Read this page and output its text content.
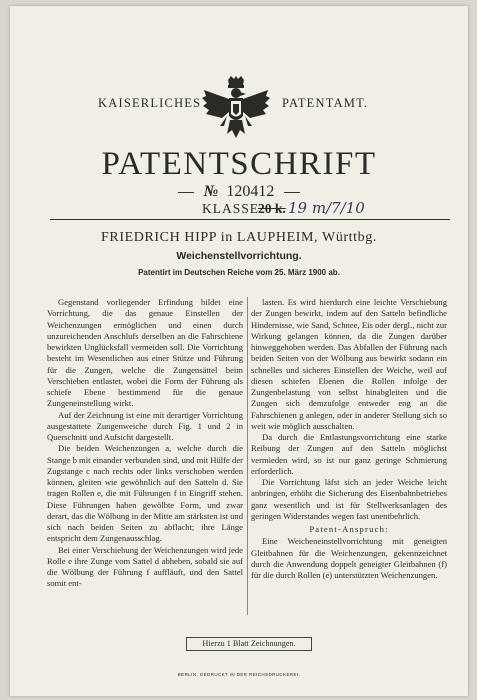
KAISERLICHES	PATENTAMT.
PATENTSCHRIFT
№ 120412
KLASSE
20 k. 19 m/7/10
FRIEDRICH HIPP in LAUPHEIM, Württbg.
Weichenstellvorrichtung.
Patentirt im Deutschen Reiche vom 25. März 1900 ab.

Gegenstand vorliegender Erfindung bildet eine Vorrichtung, die das genaue Einstellen der Weichenzungen ermöglichen und einen durch unzureichenden Anschlufs derselben an die Fahrschiene bewirkten Unglücksfall vermeiden soll. Die Vorrichtung besteht im Wesentlichen aus einer Stütze und Führung für die Zungen, welche die Zungensättel beim Verschieben entlastet, wobei die Form der Führung als schiefe Ebene bestimmend für die genaue Zungeneinstellung wirkt.

Auf der Zeichnung ist eine mit derartiger Vorrichtung ausgestattete Zungenweiche durch Fig. 1 und 2 in Querschnitt und Aufsicht dargestellt.

Die beiden Weichenzungen a, welche durch die Stange b mit einander verbunden sind, und mit Hülfe der Zugstange c nach rechts oder links verschoben werden können, gleiten wie gewöhnlich auf den Satteln d. Sie tragen Rollen e, die mit Führungen f in Eingriff stehen. Diese Führungen haben gewölbte Form, und zwar derart, das die Wölbung in der Mitte am stärksten ist und sich nach beiden Seiten zu abflacht; ihre Länge entspricht dem Zungenausschlag.

Bei einer Verschiebung der Weichenzungen wird jede Rolle e ihre Zunge vom Sattel d abheben, sobald sie auf die Wölbung der Führung f auffläuft, und den Sattel somit ent-

lasten. Es wird hierdurch eine leichte Verschiebung der Zungen bewirkt, indem auf den Satteln befindliche Hindernisse, wie Sand, Schnee, Eis oder dergl., nicht zur Wirkung gelangen können, da die Zungen darüber hinweggehoben werden. Das Abfallen der Führung nach beiden Seiten von der Wölbung aus bewirkt sodann ein schnelles und sicheres Einstellen der Weiche, weil auf diesen schiefen Ebenen die Rollen infolge der Zungenbelastung von selbst hinabgleiten und die Zungen sich demzufolge entweder eng an die Fahrschienen g anlegen, oder in anderer Stellung sich so weit wie möglich ausschalten.

Da durch die Entlastungsvorrichtung eine starke Reibung der Zungen auf den Satteln möglichst vermieden wird, so ist nur ganz geringe Schmierung erforderlich.

Die Vorrichtung läfst sich an jeder Weiche leicht anbringen, erhöht die Sicherung des Eisenbahnbetriebes ganz wesentlich und ist für Stellwerksanlagen des geringen Widerstandes wegen fast unentbehrlich.

Patent-Anspruch:

Eine Weicheneinstellvorrichtung mit geneigten Gleitbahnen für die Weichenzungen, gekennzeichnet durch die Anwendung doppelt geneigter Gleitbahnen (f) für die durch Rollen (e) unterstützten Weichenzungen.

Hierzu 1 Blatt Zeichnungen.
BERLIN. GEDRUCKT IN DER REICHSDRUCKEREI.
